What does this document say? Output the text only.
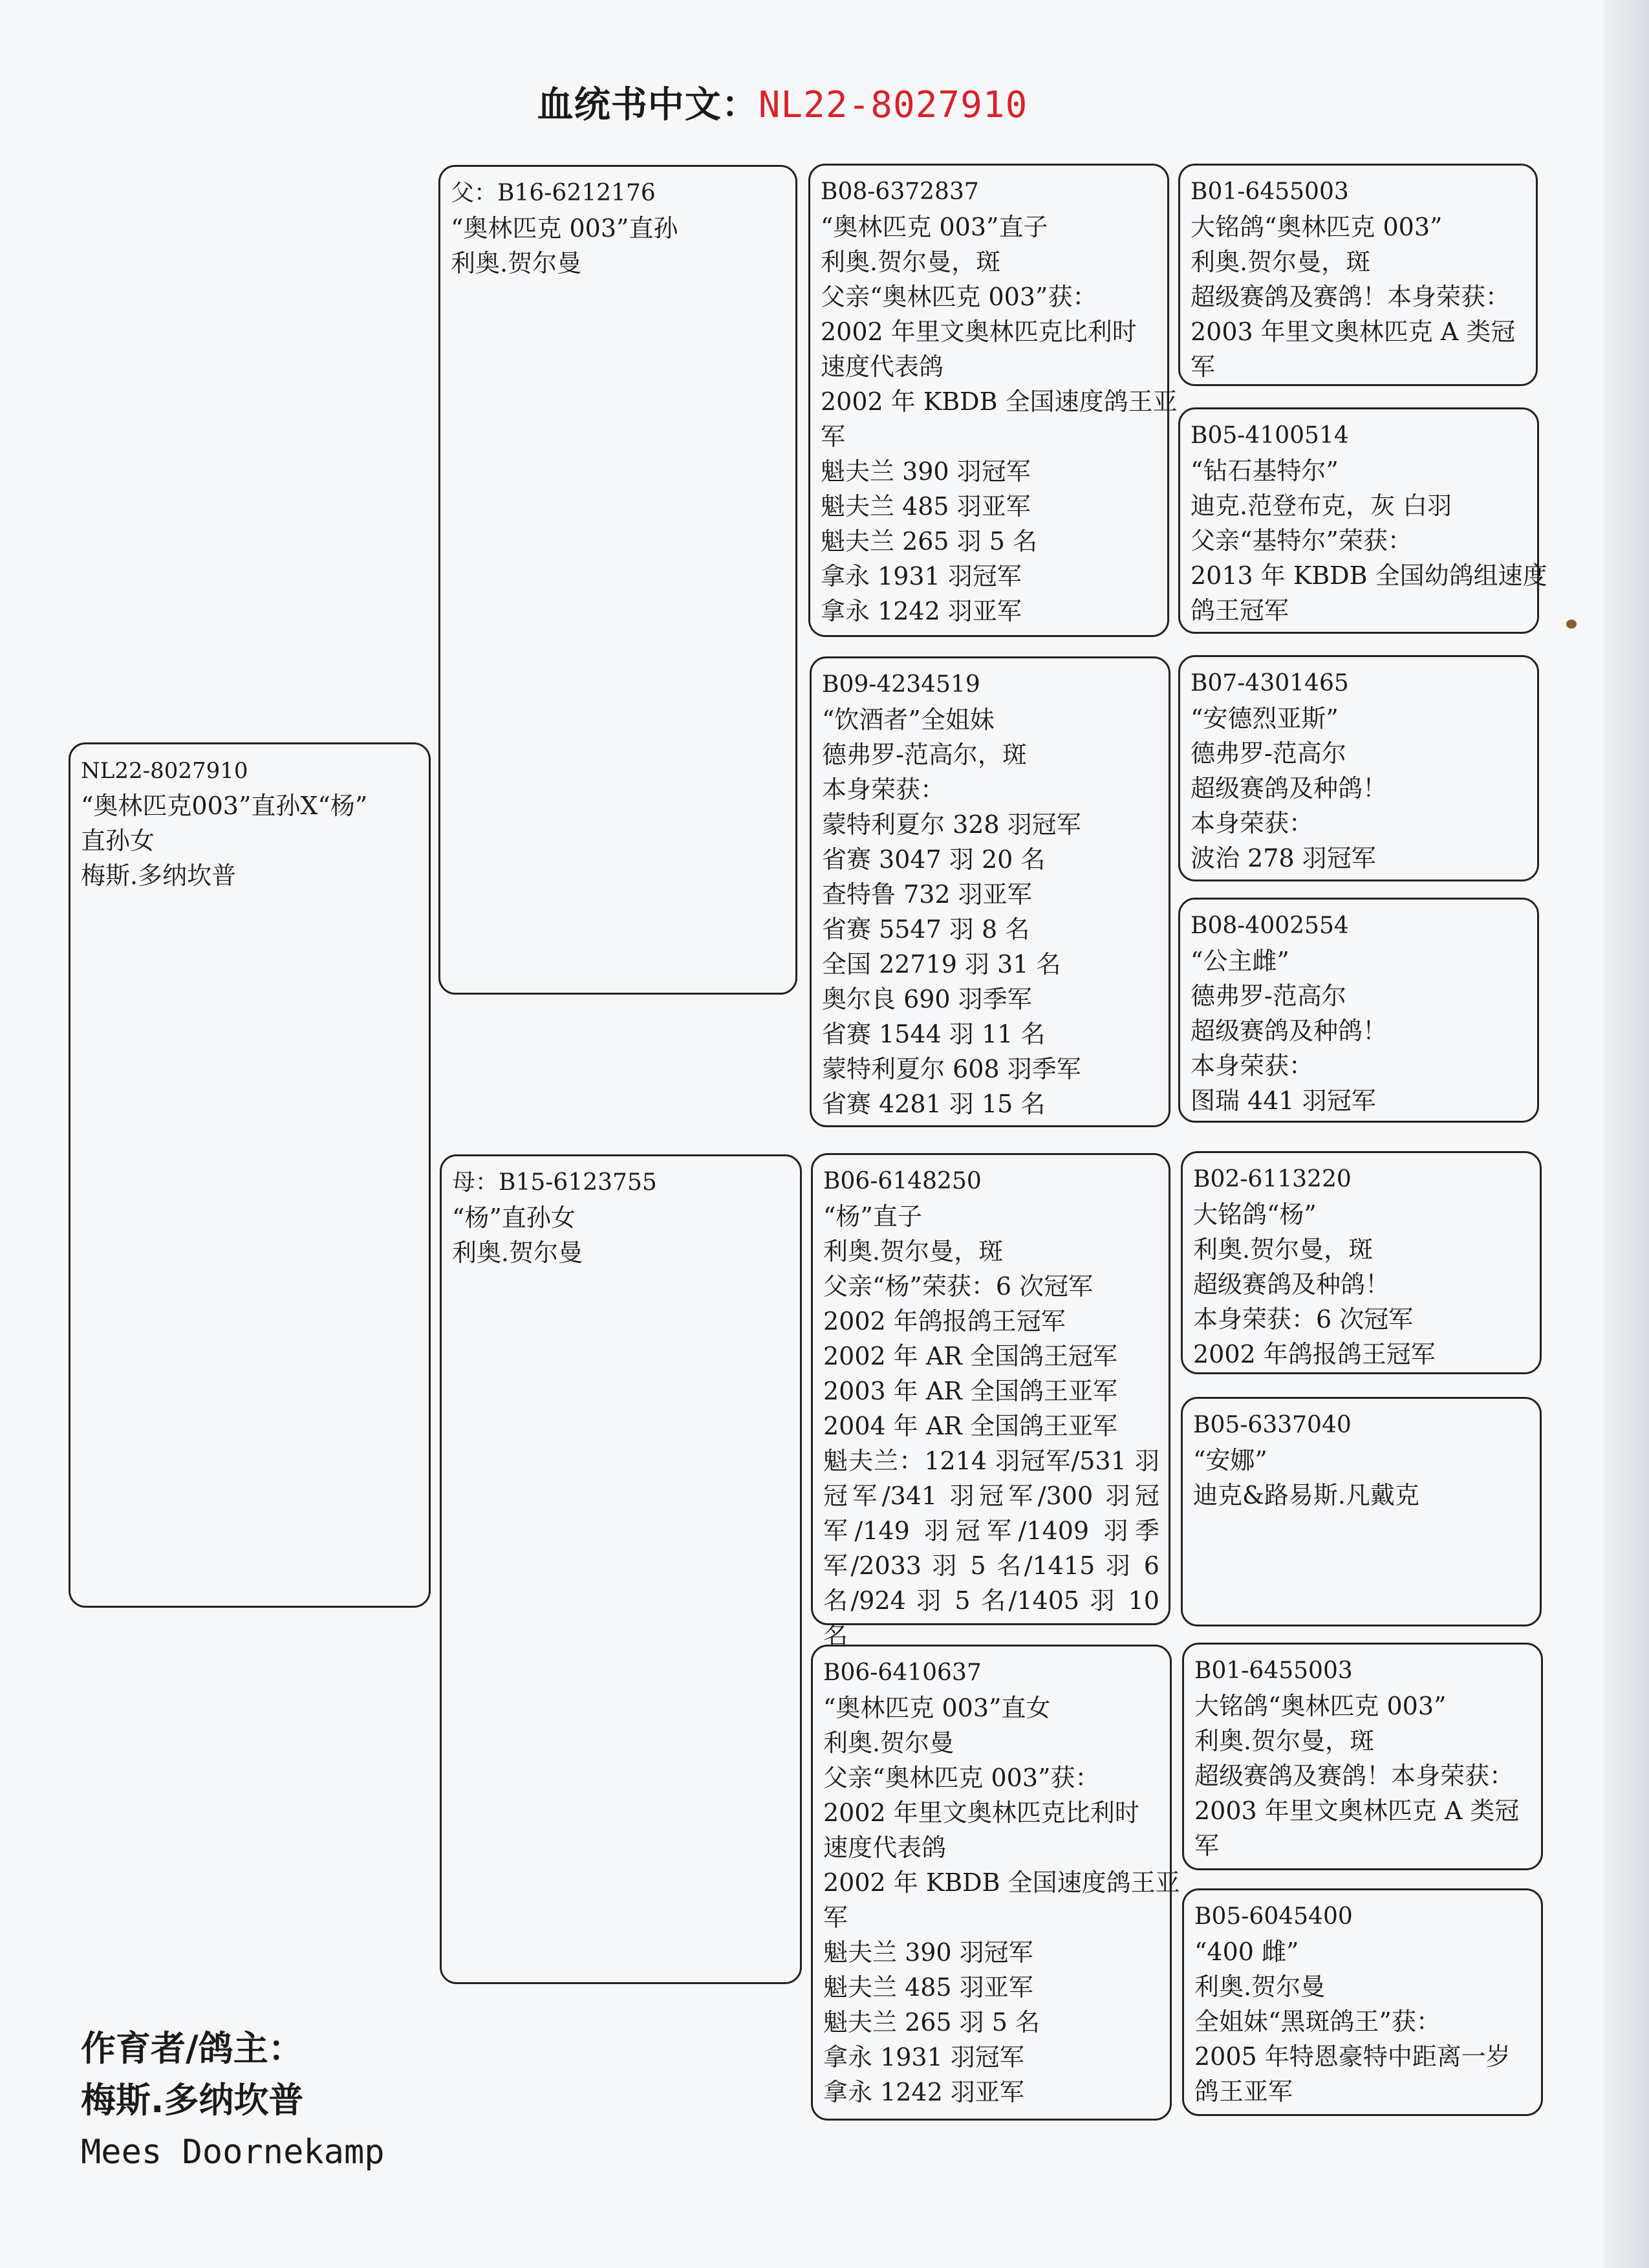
血统书中文：NL22-8027910
NL22-8027910
“奥林匹克003”直孙X“杨”
直孙女
梅斯.多纳坎普
父：B16-6212176
“奥林匹克 003”直孙
利奥.贺尔曼
母：B15-6123755
“杨”直孙女
利奥.贺尔曼
B08-6372837
“奥林匹克 003”直子
利奥.贺尔曼，斑
父亲“奥林匹克 003”获：
2002 年里文奥林匹克比利时
速度代表鸽
2002 年 KBDB 全国速度鸽王亚
军
魁夫兰 390 羽冠军
魁夫兰 485 羽亚军
魁夫兰 265 羽 5 名
拿永 1931 羽冠军
拿永 1242 羽亚军
B09-4234519
“饮酒者”全姐妹
德弗罗-范高尔，斑
本身荣获：
蒙特利夏尔 328 羽冠军
省赛 3047 羽 20 名
查特鲁 732 羽亚军
省赛 5547 羽 8 名
全国 22719 羽 31 名
奥尔良 690 羽季军
省赛 1544 羽 11 名
蒙特利夏尔 608 羽季军
省赛 4281 羽 15 名
B06-6148250
“杨”直子
利奥.贺尔曼，斑
父亲“杨”荣获：6 次冠军
2002 年鸽报鸽王冠军
2002 年 AR 全国鸽王冠军
2003 年 AR 全国鸽王亚军
2004 年 AR 全国鸽王亚军
魁夫兰：1214 羽冠军/531 羽冠军/341 羽冠军/300 羽冠军/149 羽冠军/1409 羽季军/2033 羽 5 名/1415 羽 6 名/924 羽 5 名/1405 羽 10 名
B06-6410637
“奥林匹克 003”直女
利奥.贺尔曼
父亲“奥林匹克 003”获：
2002 年里文奥林匹克比利时
速度代表鸽
2002 年 KBDB 全国速度鸽王亚
军
魁夫兰 390 羽冠军
魁夫兰 485 羽亚军
魁夫兰 265 羽 5 名
拿永 1931 羽冠军
拿永 1242 羽亚军
B01-6455003
大铭鸽“奥林匹克 003”
利奥.贺尔曼，斑
超级赛鸽及赛鸽！本身荣获：
2003 年里文奥林匹克 A 类冠
军
B05-4100514
“钻石基特尔”
迪克.范登布克，灰 白羽
父亲“基特尔”荣获：
2013 年 KBDB 全国幼鸽组速度
鸽王冠军
B07-4301465
“安德烈亚斯”
德弗罗-范高尔
超级赛鸽及种鸽！
本身荣获：
波治 278 羽冠军
B08-4002554
“公主雌”
德弗罗-范高尔
超级赛鸽及种鸽！
本身荣获：
图瑞 441 羽冠军
B02-6113220
大铭鸽“杨”
利奥.贺尔曼，斑
超级赛鸽及种鸽！
本身荣获：6 次冠军
2002 年鸽报鸽王冠军
B05-6337040
“安娜”
迪克&路易斯.凡戴克
B01-6455003
大铭鸽“奥林匹克 003”
利奥.贺尔曼，斑
超级赛鸽及赛鸽！本身荣获：
2003 年里文奥林匹克 A 类冠
军
B05-6045400
“400 雌”
利奥.贺尔曼
全姐妹“黑斑鸽王”获：
2005 年特恩豪特中距离一岁
鸽王亚军
作育者/鸽主：
梅斯.多纳坎普
Mees Doornekamp
